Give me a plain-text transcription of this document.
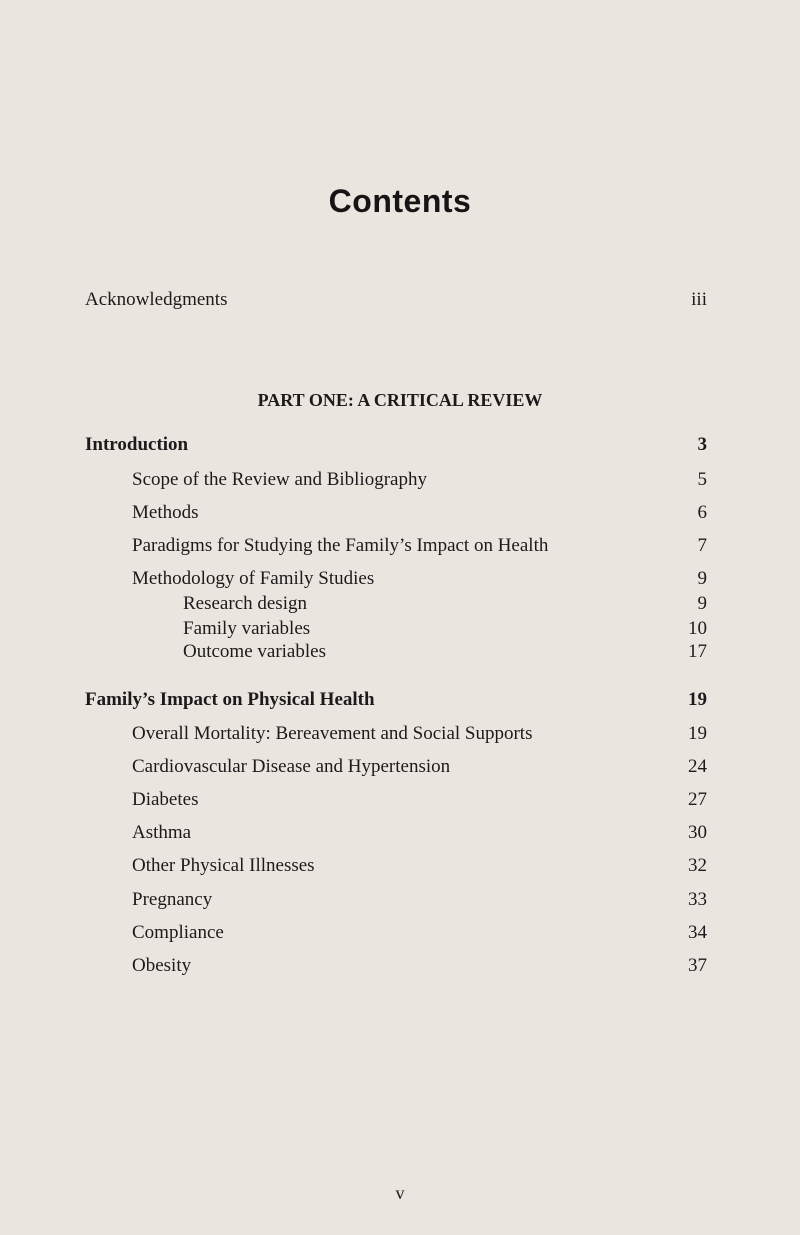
Contents
Acknowledgments	iii
PART ONE: A CRITICAL REVIEW
Introduction	3
Scope of the Review and Bibliography	5
Methods	6
Paradigms for Studying the Family’s Impact on Health	7
Methodology of Family Studies	9
Research design	9
Family variables	10
Outcome variables	17
Family’s Impact on Physical Health	19
Overall Mortality: Bereavement and Social Supports	19
Cardiovascular Disease and Hypertension	24
Diabetes	27
Asthma	30
Other Physical Illnesses	32
Pregnancy	33
Compliance	34
Obesity	37
v
